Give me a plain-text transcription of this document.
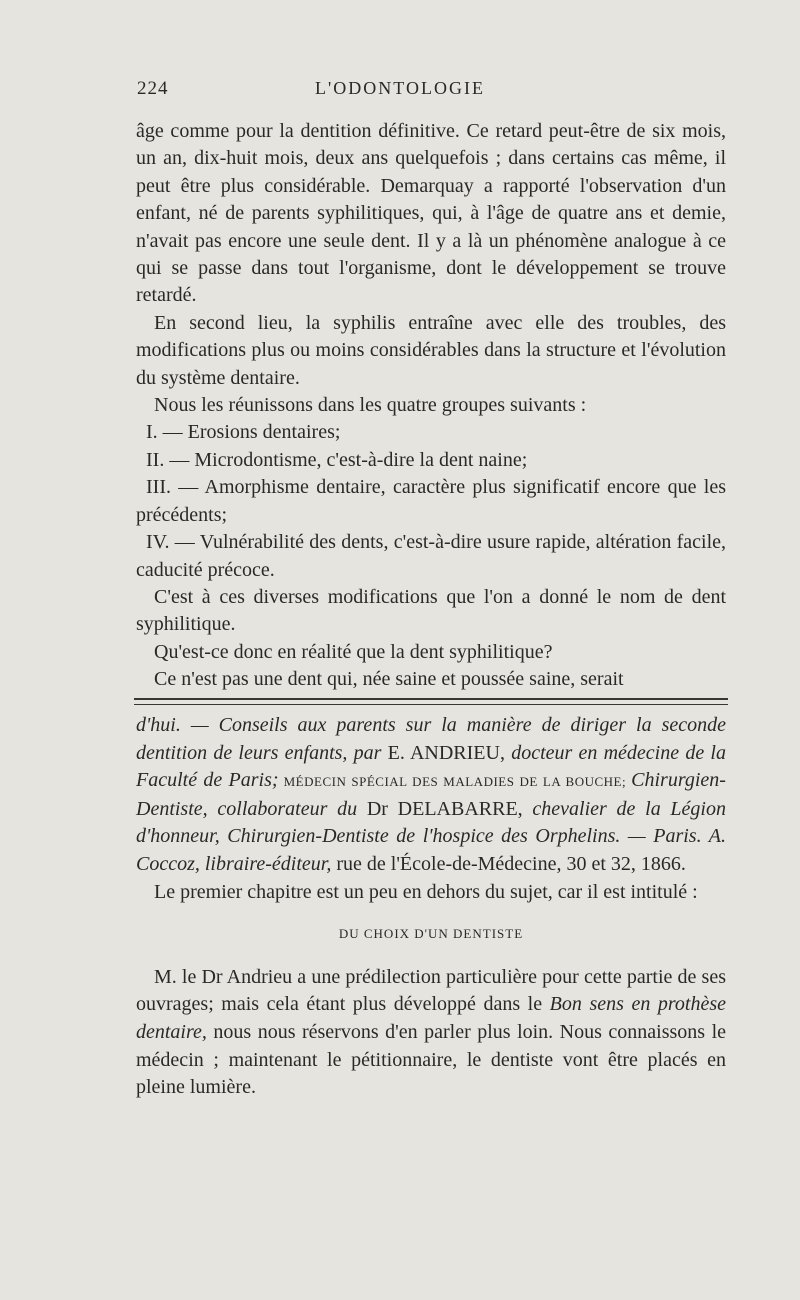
224	L'ODONTOLOGIE

âge comme pour la dentition définitive. Ce retard peut-être de six mois, un an, dix-huit mois, deux ans quelquefois ; dans certains cas même, il peut être plus considérable. Demarquay a rapporté l'observation d'un enfant, né de parents syphilitiques, qui, à l'âge de quatre ans et demie, n'avait pas encore une seule dent. Il y a là un phénomène analogue à ce qui se passe dans tout l'organisme, dont le développement se trouve retardé.

En second lieu, la syphilis entraîne avec elle des troubles, des modifications plus ou moins considérables dans la structure et l'évolution du système dentaire.

Nous les réunissons dans les quatre groupes suivants :

I. — Erosions dentaires;

II. — Microdontisme, c'est-à-dire la dent naine;

III. — Amorphisme dentaire, caractère plus significatif encore que les précédents;

IV. — Vulnérabilité des dents, c'est-à-dire usure rapide, altération facile, caducité précoce.

C'est à ces diverses modifications que l'on a donné le nom de dent syphilitique.

Qu'est-ce donc en réalité que la dent syphilitique?

Ce n'est pas une dent qui, née saine et poussée saine, serait

d'hui. — Conseils aux parents sur la manière de diriger la seconde dentition de leurs enfants, par E. ANDRIEU, docteur en médecine de la Faculté de Paris; MÉDECIN SPÉCIAL DES MALADIES DE LA BOUCHE; Chirurgien-Dentiste, collaborateur du Dr DELABARRE, chevalier de la Légion d'honneur, Chirurgien-Dentiste de l'hospice des Orphelins. — Paris. A. Coccoz, libraire-éditeur, rue de l'École-de-Médecine, 30 et 32, 1866.

Le premier chapitre est un peu en dehors du sujet, car il est intitulé :

DU CHOIX D'UN DENTISTE

M. le Dr Andrieu a une prédilection particulière pour cette partie de ses ouvrages; mais cela étant plus développé dans le Bon sens en prothèse dentaire, nous nous réservons d'en parler plus loin. Nous connaissons le médecin ; maintenant le pétitionnaire, le dentiste vont être placés en pleine lumière.
